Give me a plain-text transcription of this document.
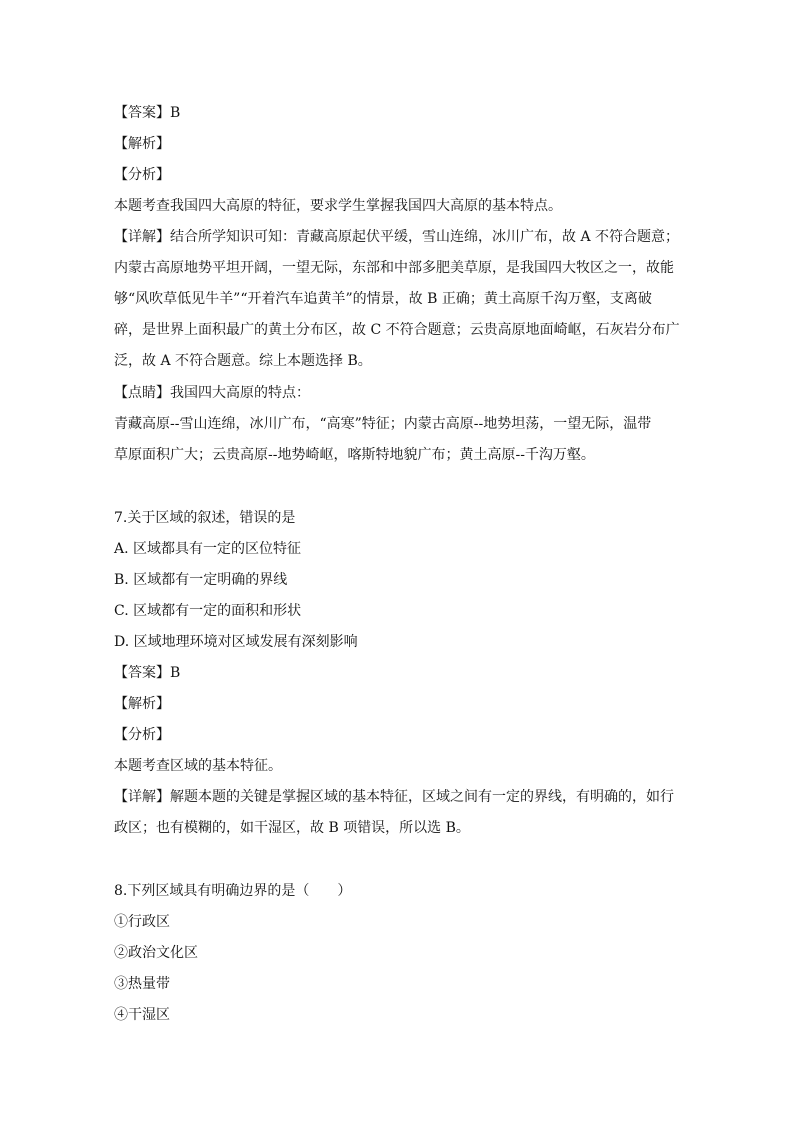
【答案】B
【解析】
【分析】
本题考查我国四大高原的特征，要求学生掌握我国四大高原的基本特点。
【详解】结合所学知识可知：青藏高原起伏平缓，雪山连绵，冰川广布，故 A 不符合题意；
内蒙古高原地势平坦开阔，一望无际，东部和中部多肥美草原，是我国四大牧区之一，故能
够“风吹草低见牛羊”“开着汽车追黄羊”的情景，故 B 正确；黄土高原千沟万壑，支离破
碎，是世界上面积最广的黄土分布区，故 C 不符合题意；云贵高原地面崎岖，石灰岩分布广
泛，故 A 不符合题意。综上本题选择 B。
【点睛】我国四大高原的特点：
青藏高原--雪山连绵，冰川广布，“高寒”特征；内蒙古高原--地势坦荡，一望无际，温带
草原面积广大；云贵高原--地势崎岖，喀斯特地貌广布；黄土高原--千沟万壑。
7.关于区域的叙述，错误的是
A. 区域都具有一定的区位特征
B. 区域都有一定明确的界线
C. 区域都有一定的面积和形状
D. 区域地理环境对区域发展有深刻影响
【答案】B
【解析】
【分析】
本题考查区域的基本特征。
【详解】解题本题的关键是掌握区域的基本特征，区域之间有一定的界线，有明确的，如行
政区；也有模糊的，如干湿区，故 B 项错误，所以选 B。
8.下列区域具有明确边界的是（　　）
①行政区
②政治文化区
③热量带
④干湿区
